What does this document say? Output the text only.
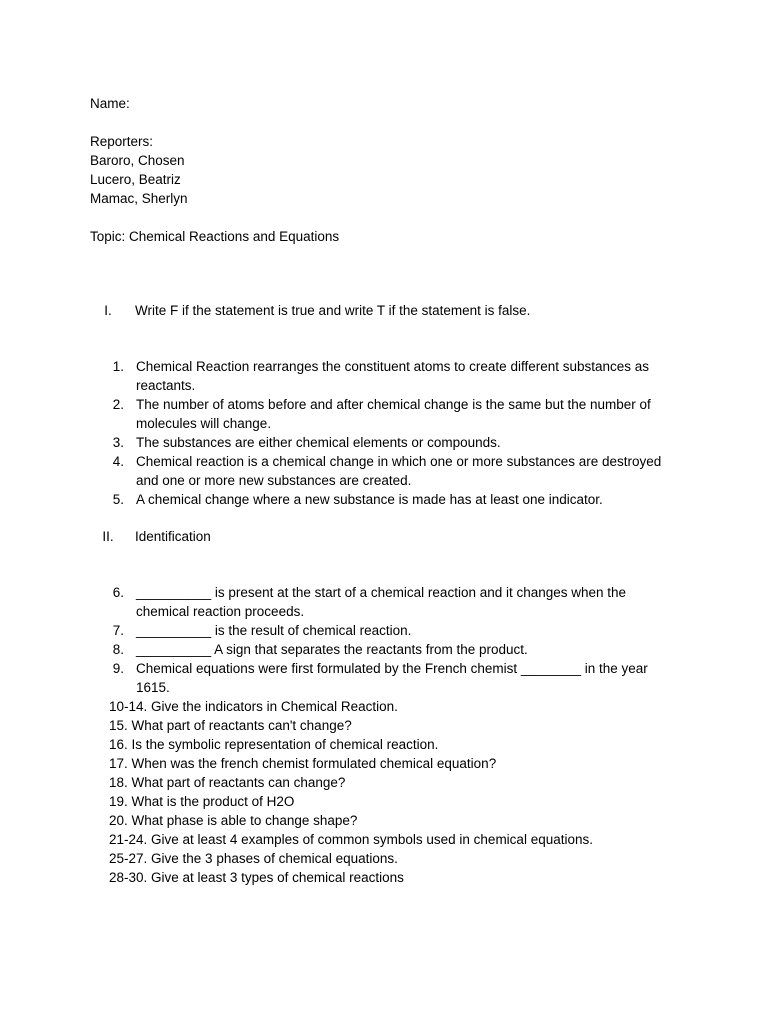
Name:
Reporters:
Baroro, Chosen
Lucero, Beatriz
Mamac, Sherlyn
Topic: Chemical Reactions and Equations
I.	Write F if the statement is true and write T if the statement is false.
1. Chemical Reaction rearranges the constituent atoms to create different substances as reactants.
2. The number of atoms before and after chemical change is the same but the number of molecules will change.
3. The substances are either chemical elements or compounds.
4. Chemical reaction is a chemical change in which one or more substances are destroyed and one or more new substances are created.
5. A chemical change where a new substance is made has at least one indicator.
II.	Identification
6. __________ is present at the start of a chemical reaction and it changes when the chemical reaction proceeds.
7. __________ is the result of chemical reaction.
8. __________ A sign that separates the reactants from the product.
9. Chemical equations were first formulated by the French chemist ________ in the year 1615.
10-14. Give the indicators in Chemical Reaction.
15. What part of reactants can't change?
16. Is the symbolic representation of chemical reaction.
17. When was the french chemist formulated chemical equation?
18. What part of reactants can change?
19. What is the product of H2O
20. What phase is able to change shape?
21-24. Give at least 4 examples of common symbols used in chemical equations.
25-27. Give the 3 phases of chemical equations.
28-30. Give at least 3 types of chemical reactions
